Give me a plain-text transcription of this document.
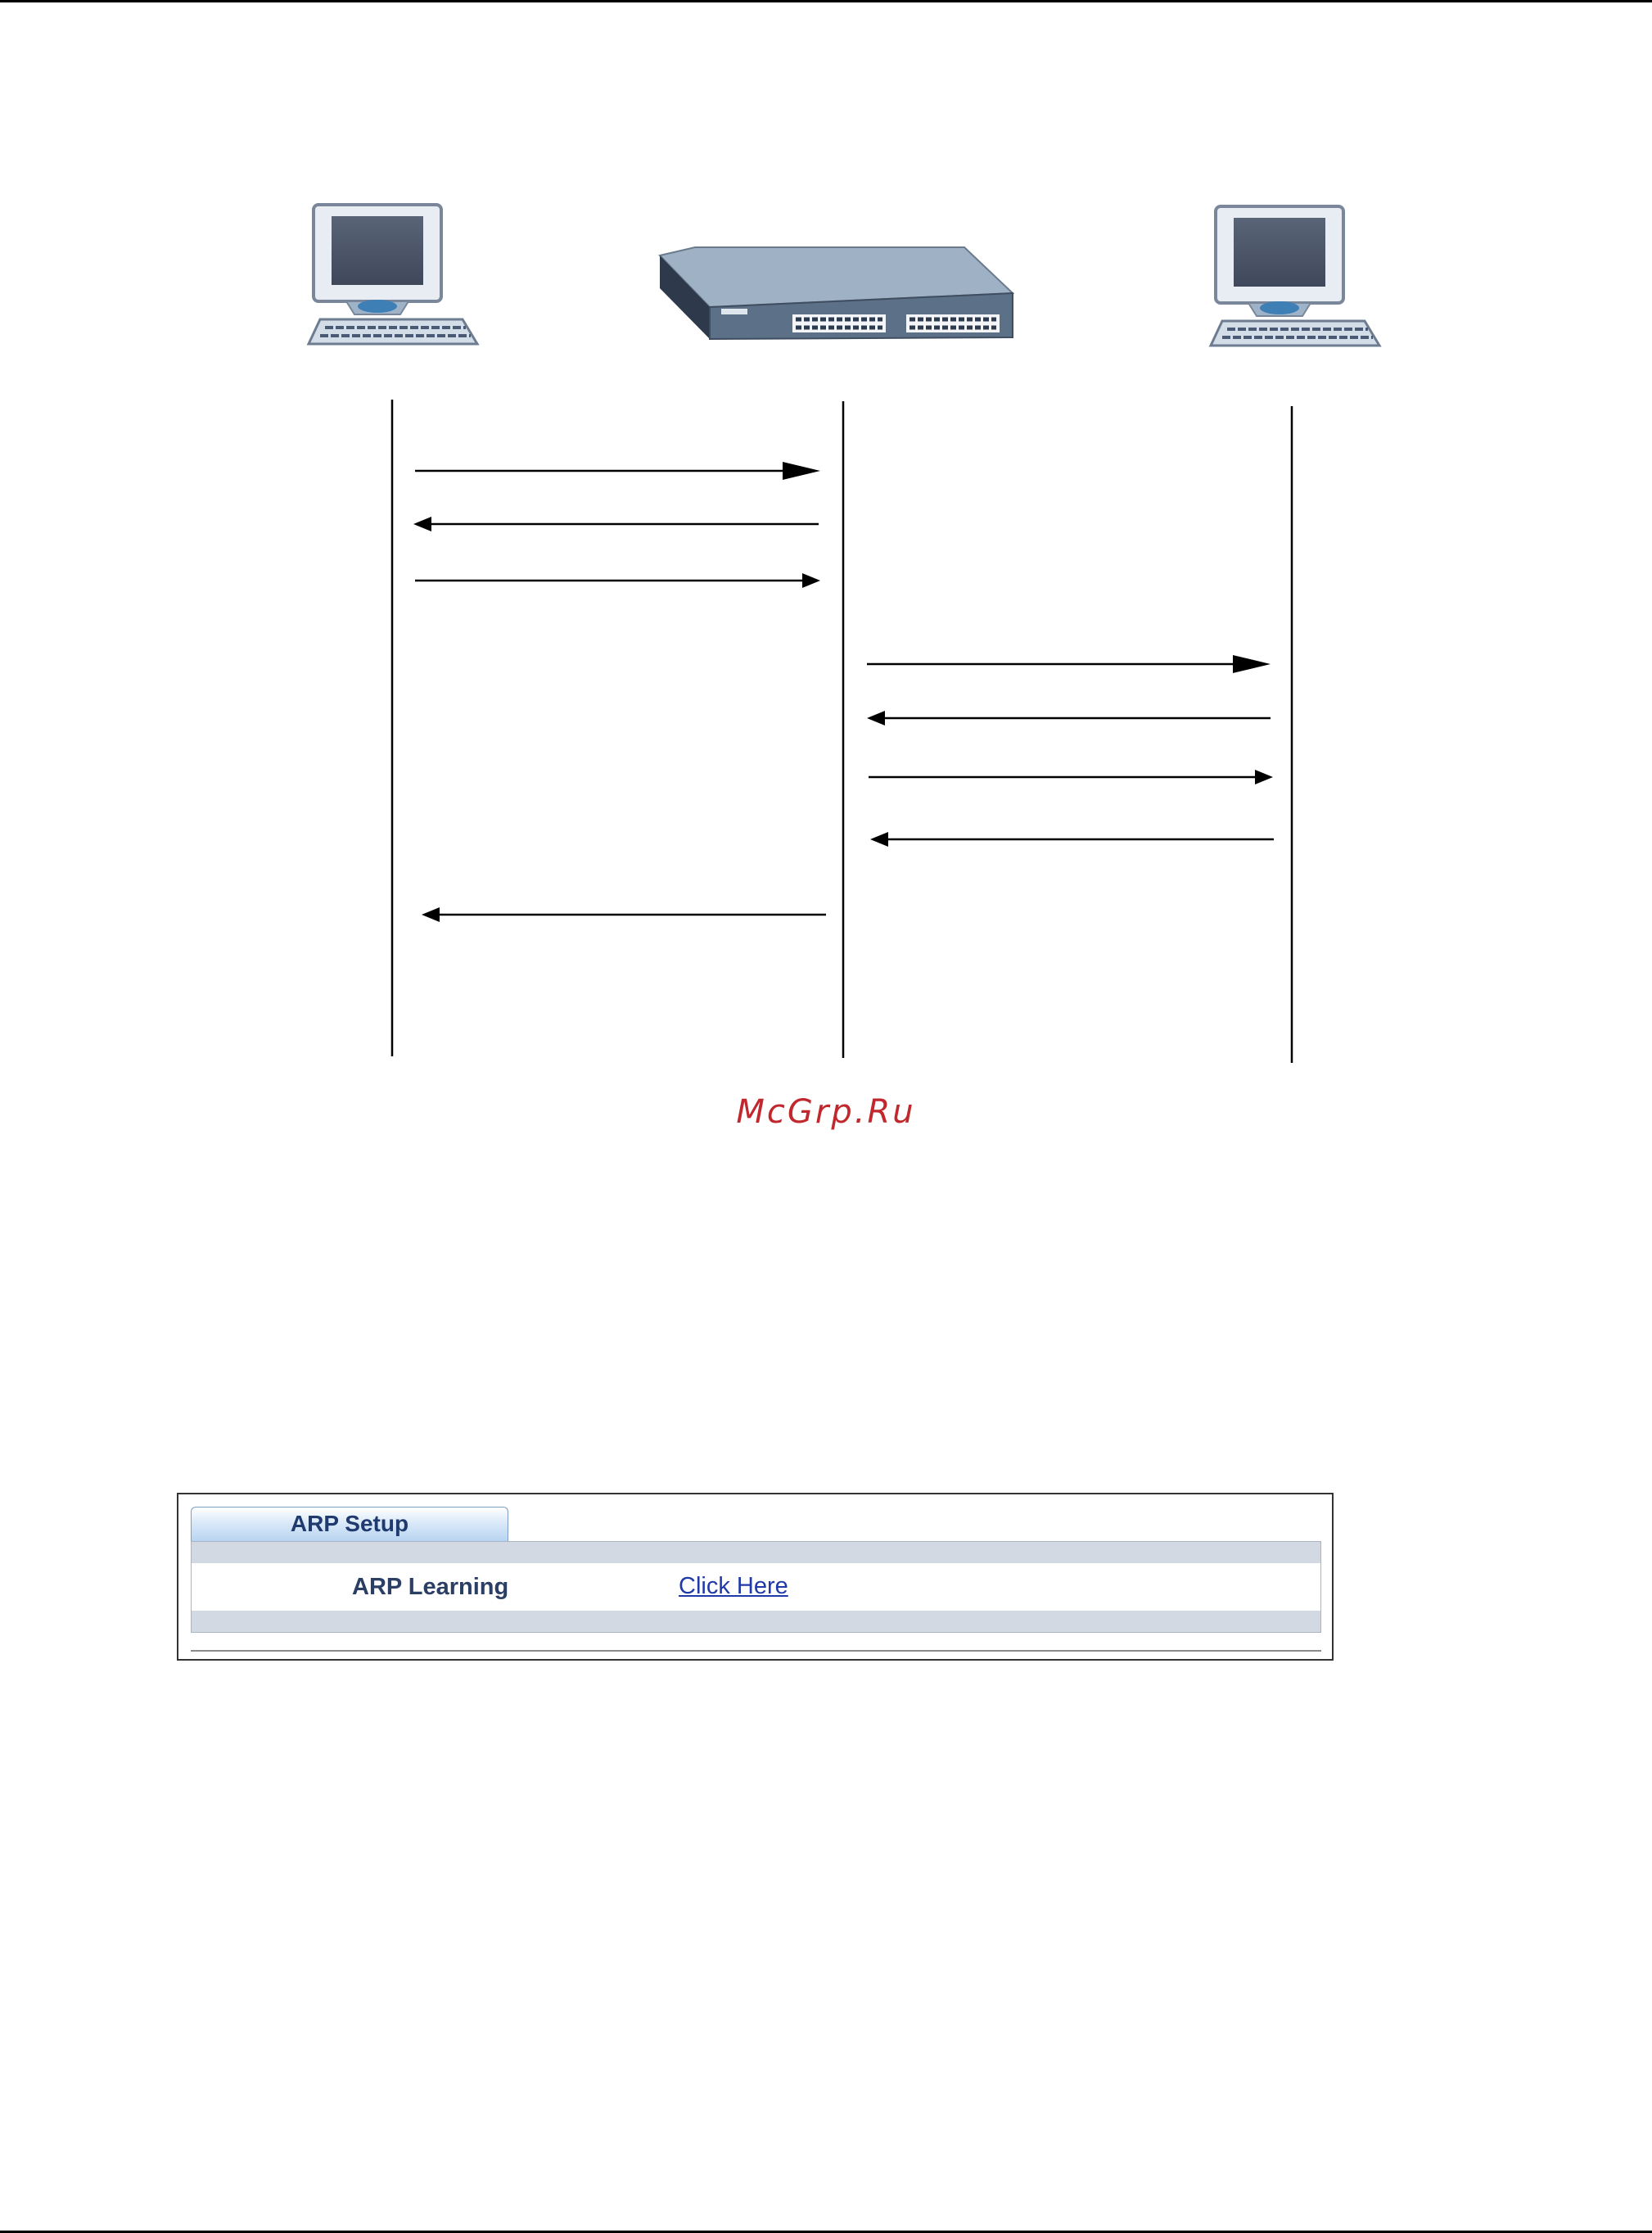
McGrp.Ru
ARP Setup
ARP Learning	Click Here
